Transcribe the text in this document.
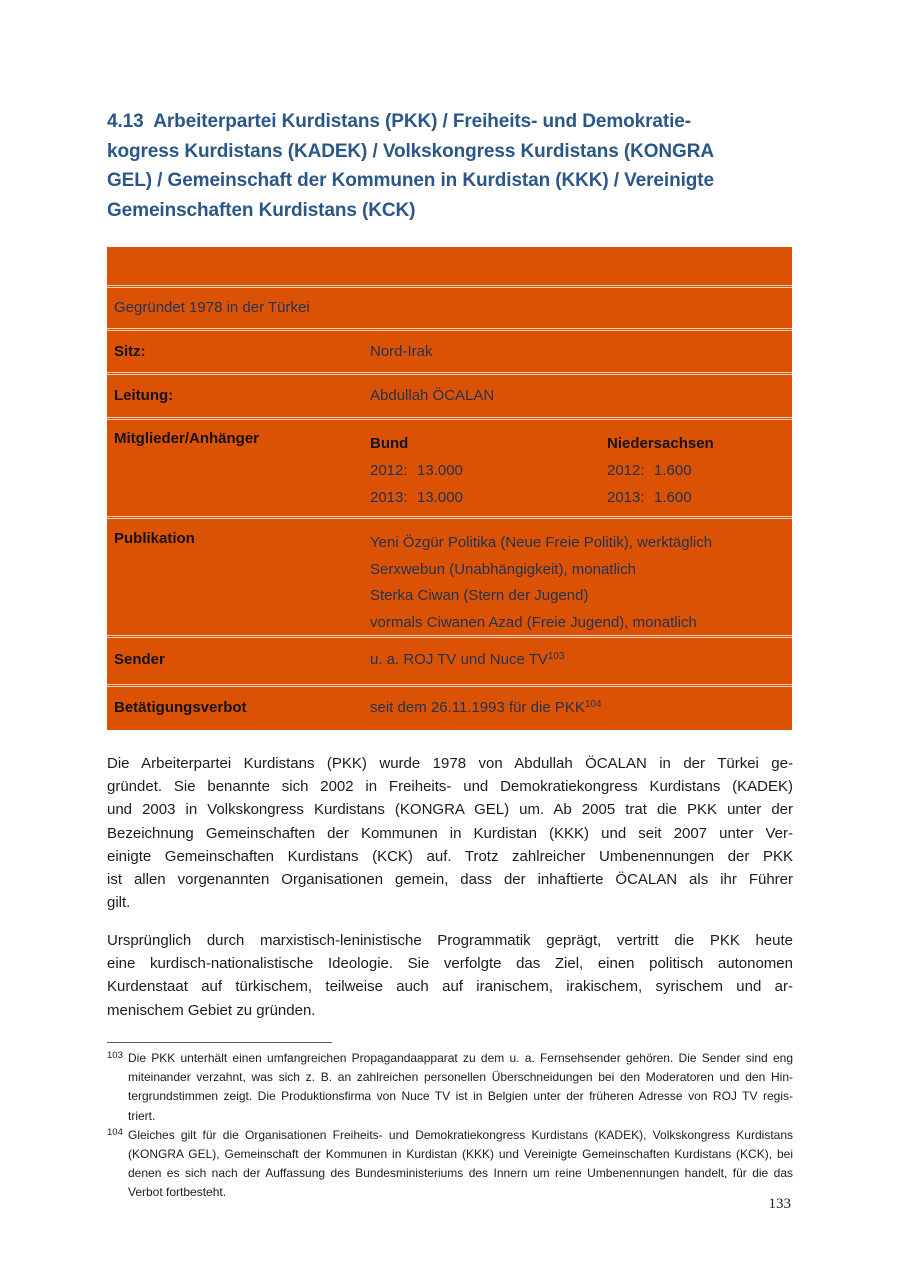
4.13  Arbeiterpartei Kurdistans (PKK) / Freiheits- und Demokratie-
kogress Kurdistans (KADEK) / Volkskongress Kurdistans (KONGRA
GEL) / Gemeinschaft der Kommunen in Kurdistan (KKK) / Vereinigte
Gemeinschaften Kurdistans (KCK)
Gegründet 1978 in der Türkei
Sitz:	Nord-Irak
Leitung:	Abdullah ÖCALAN
Mitglieder/Anhänger	Bund
2012: 13.000
2013: 13.000
Niedersachsen
2012: 1.600
2013: 1.600
Publikation	Yeni Özgür Politika (Neue Freie Politik), werktäglich
Serxwebun (Unabhängigkeit), monatlich
Sterka Ciwan (Stern der Jugend)
vormals Ciwanen Azad (Freie Jugend), monatlich
Sender	u. a. ROJ TV und Nuce TV$^{103}$
Betätigungsverbot	seit dem 26.11.1993 für die PKK$^{104}$
Die Arbeiterpartei Kurdistans (PKK) wurde 1978 von Abdullah ÖCALAN in der Türkei ge-
gründet. Sie benannte sich 2002 in Freiheits- und Demokratiekongress Kurdistans (KADEK)
und 2003 in Volkskongress Kurdistans (KONGRA GEL) um. Ab 2005 trat die PKK unter der
Bezeichnung Gemeinschaften der Kommunen in Kurdistan (KKK) und seit 2007 unter Ver-
einigte Gemeinschaften Kurdistans (KCK) auf. Trotz zahlreicher Umbenennungen der PKK
ist allen vorgenannten Organisationen gemein, dass der inhaftierte ÖCALAN als ihr Führer
gilt.
Ursprünglich durch marxistisch-leninistische Programmatik geprägt, vertritt die PKK heute
eine kurdisch-nationalistische Ideologie. Sie verfolgte das Ziel, einen politisch autonomen
Kurdenstaat auf türkischem, teilweise auch auf iranischem, irakischem, syrischem und ar-
menischem Gebiet zu gründen.
103 Die PKK unterhält einen umfangreichen Propagandaapparat zu dem u. a. Fernsehsender gehören. Die Sender sind eng
miteinander verzahnt, was sich z. B. an zahlreichen personellen Überschneidungen bei den Moderatoren und den Hin-
tergrundstimmen zeigt. Die Produktionsfirma von Nuce TV ist in Belgien unter der früheren Adresse von ROJ TV regis-
triert.
104 Gleiches gilt für die Organisationen Freiheits- und Demokratiekongress Kurdistans (KADEK), Volkskongress Kurdistans
(KONGRA GEL), Gemeinschaft der Kommunen in Kurdistan (KKK) und Vereinigte Gemeinschaften Kurdistans (KCK), bei
denen es sich nach der Auffassung des Bundesministeriums des Innern um reine Umbenennungen handelt, für die das
Verbot fortbesteht.
133
